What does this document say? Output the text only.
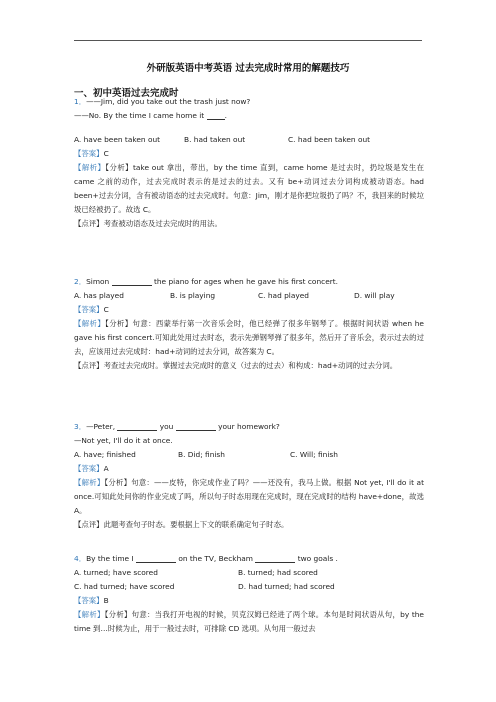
外研版英语中考英语 过去完成时常用的解题技巧
一、初中英语过去完成时
1．——Jim, did you take out the trash just now?
——No. By the time I came home it	.
A. have been taken out	B. had taken out	C. had been taken out
【答案】C
【解析】【分析】take out 拿出，带出，by the time 直到，came home 是过去时，扔垃圾是发生在 came 之前的动作，过去完成时表示的是过去的过去。又有 be+动词过去分词构成被动语态。had been+过去分词，含有被动语态的过去完成时。句意：Jim，刚才是你把垃圾扔了吗？不，我回来的时候垃圾已经被扔了。故选 C。
【点评】考查被动语态及过去完成时的用法。
2．Simon	the piano for ages when he gave his first concert.
A. has played	B. is playing	C. had played	D. will play
【答案】C
【解析】【分析】句意：西蒙举行第一次音乐会时，他已经弹了很多年钢琴了。根据时间状语 when he gave his first concert.可知此处用过去时态，表示先弹钢琴弹了很多年，然后开了音乐会，表示过去的过去，应该用过去完成时：had+动词的过去分词，故答案为 C。
【点评】考查过去完成时。掌握过去完成时的意义（过去的过去）和构成：had+动词的过去分词。
3．—Peter,	you	your homework?
—Not yet, I'll do it at once.
A. have; finished	B. Did; finish	C. Will; finish
【答案】A
【解析】【分析】句意：——皮特，你完成作业了吗？——还没有，我马上做。根据 Not yet, I'll do it at once.可知此处问你的作业完成了吗，所以句子时态用现在完成时，现在完成时的结构 have+done，故选 A。
【点评】此题考查句子时态。要根据上下文的联系确定句子时态。
4．By the time I	on the TV, Beckham	two goals .
A. turned; have scored	B. turned; had scored
C. had turned; have scored	D. had turned; had scored
【答案】B
【解析】【分析】句意：当我打开电视的时候，贝克汉姆已经进了两个球。本句是时间状语从句，by the time 到…时候为止，用于一般过去时，可排除 CD 选项。从句用一般过去
